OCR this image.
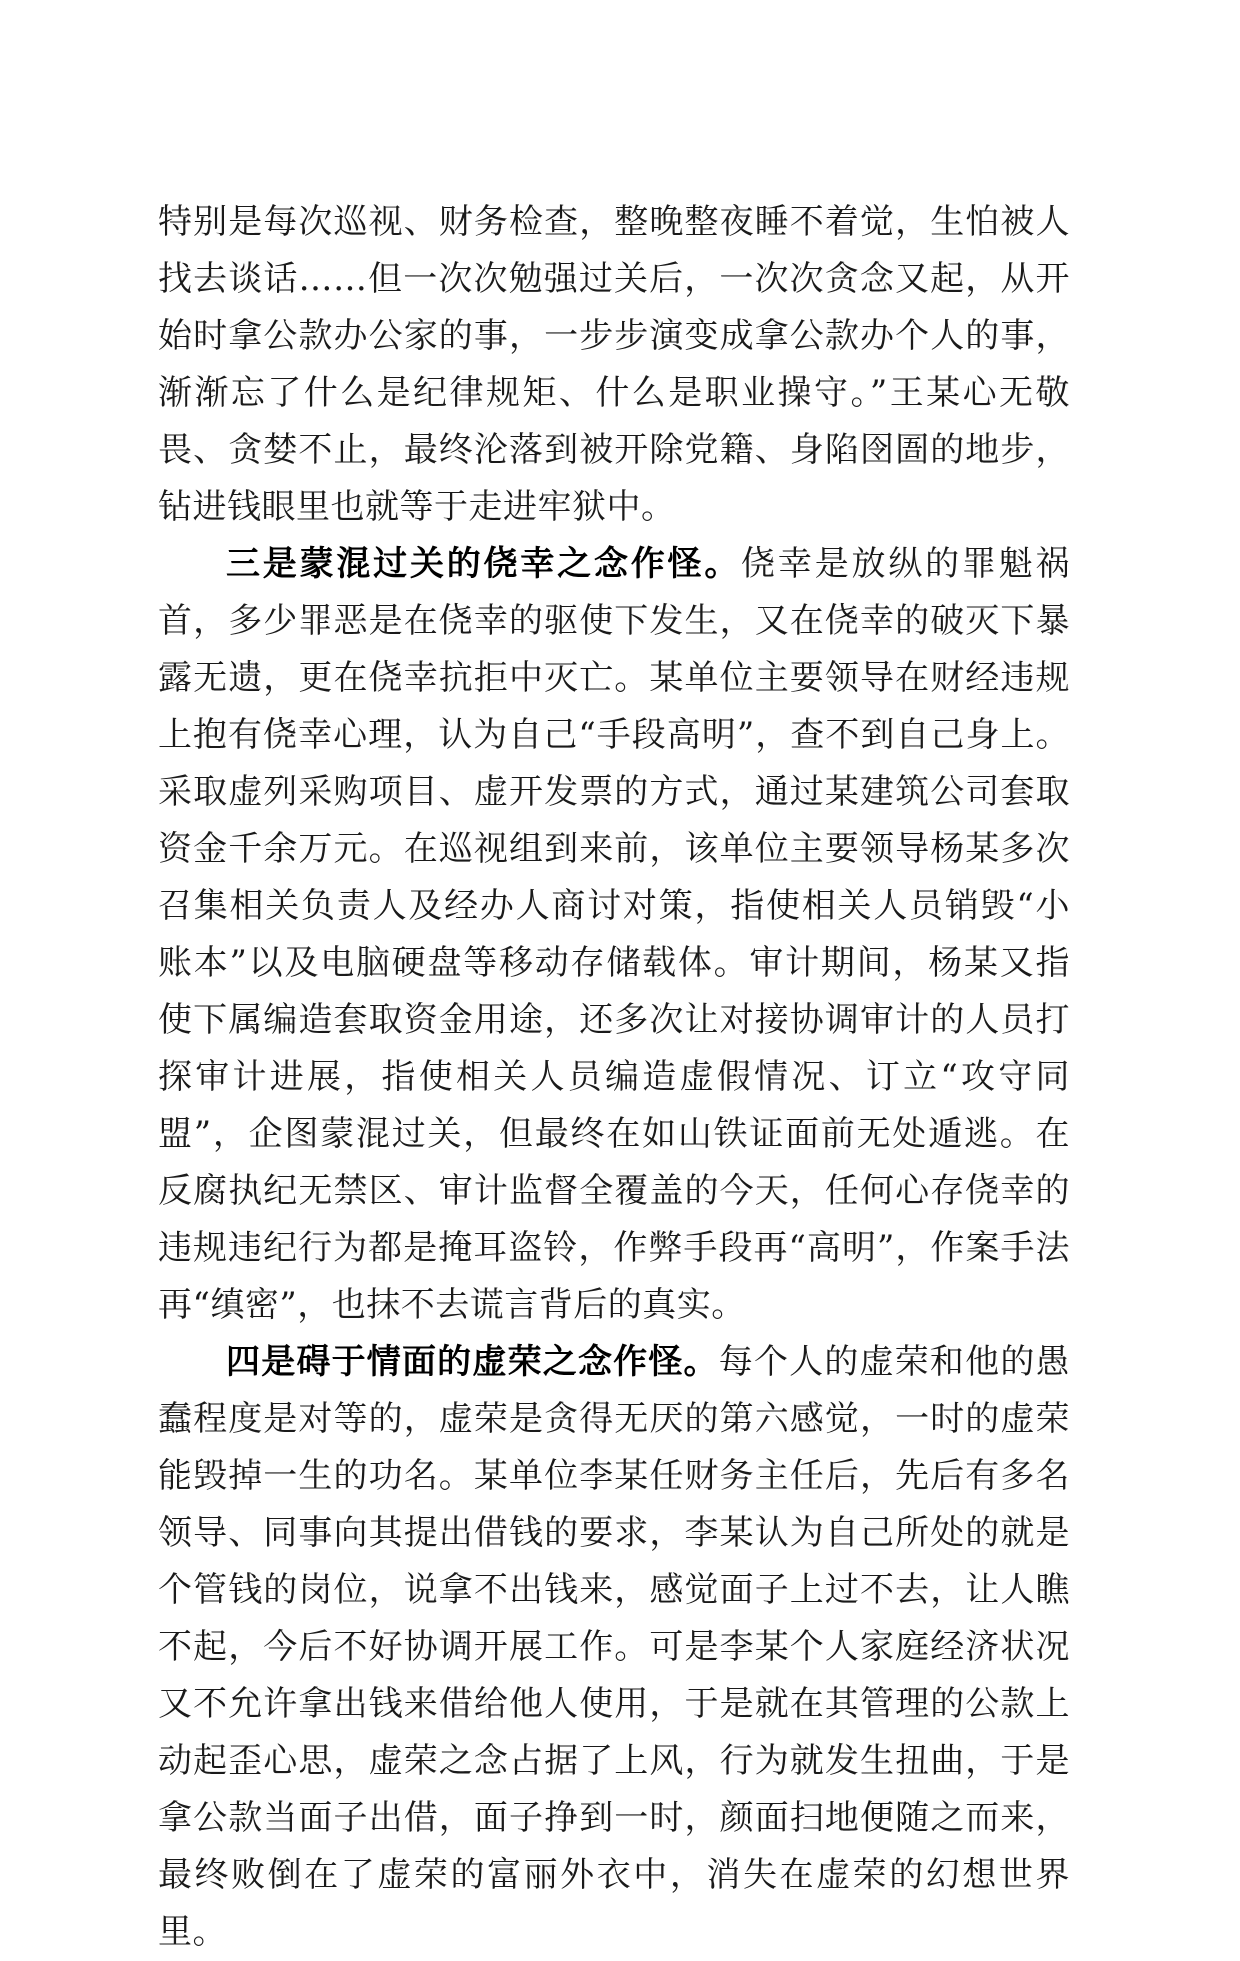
特别是每次巡视、财务检查，整晚整夜睡不着觉，生怕被人找去谈话……但一次次勉强过关后，一次次贪念又起，从开始时拿公款办公家的事，一步步演变成拿公款办个人的事，渐渐忘了什么是纪律规矩、什么是职业操守。”王某心无敬畏、贪婪不止，最终沦落到被开除党籍、身陷囹圄的地步，钻进钱眼里也就等于走进牢狱中。

三是蒙混过关的侥幸之念作怪。侥幸是放纵的罪魁祸首，多少罪恶是在侥幸的驱使下发生，又在侥幸的破灭下暴露无遗，更在侥幸抗拒中灭亡。某单位主要领导在财经违规上抱有侥幸心理，认为自己“手段高明”，查不到自己身上。采取虚列采购项目、虚开发票的方式，通过某建筑公司套取资金千余万元。在巡视组到来前，该单位主要领导杨某多次召集相关负责人及经办人商讨对策，指使相关人员销毁“小账本”以及电脑硬盘等移动存储载体。审计期间，杨某又指使下属编造套取资金用途，还多次让对接协调审计的人员打探审计进展，指使相关人员编造虚假情况、订立“攻守同盟”，企图蒙混过关，但最终在如山铁证面前无处遁逃。在反腐执纪无禁区、审计监督全覆盖的今天，任何心存侥幸的违规违纪行为都是掩耳盗铃，作弊手段再“高明”，作案手法再“缜密”，也抹不去谎言背后的真实。

四是碍于情面的虚荣之念作怪。每个人的虚荣和他的愚蠢程度是对等的，虚荣是贪得无厌的第六感觉，一时的虚荣能毁掉一生的功名。某单位李某任财务主任后，先后有多名领导、同事向其提出借钱的要求，李某认为自己所处的就是个管钱的岗位，说拿不出钱来，感觉面子上过不去，让人瞧不起，今后不好协调开展工作。可是李某个人家庭经济状况又不允许拿出钱来借给他人使用，于是就在其管理的公款上动起歪心思，虚荣之念占据了上风，行为就发生扭曲，于是拿公款当面子出借，面子挣到一时，颜面扫地便随之而来，最终败倒在了虚荣的富丽外衣中，消失在虚荣的幻想世界里。
